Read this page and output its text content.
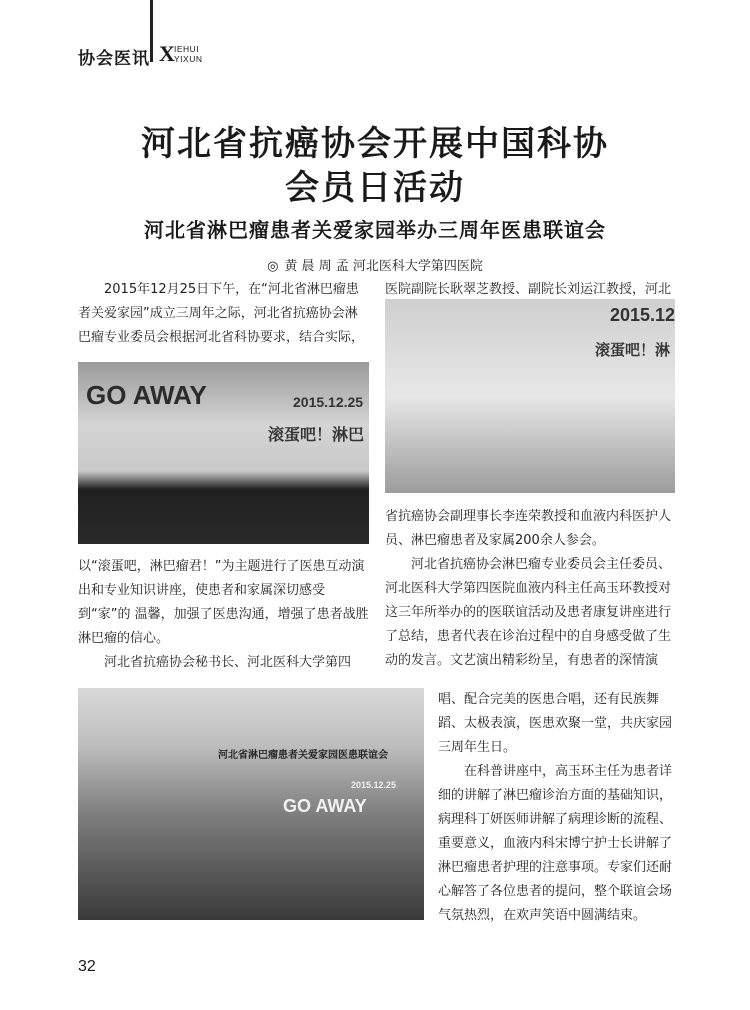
协会医讯 X IEHUI
YIXUN
河北省抗癌协会开展中国科协
会员日活动
河北省淋巴瘤患者关爱家园举办三周年医患联谊会
◎ 黄 晨 周 孟 河北医科大学第四医院

2015年12月25日下午，在“河北省淋巴瘤患者关爱家园”成立三周年之际，河北省抗癌协会淋巴瘤专业委员会根据河北省科协要求，结合实际，

GO AWAY	2015.12.25
滚蛋吧！淋巴

以“滚蛋吧，淋巴瘤君！”为主题进行了医患互动演出和专业知识讲座，使患者和家属深切感受到“家”的 温馨，加强了医患沟通，增强了患者战胜淋巴瘤的信心。

河北省抗癌协会秘书长、河北医科大学第四

医院副院长耿翠芝教授、副院长刘运江教授，河北

2015.12
滚蛋吧！淋

省抗癌协会副理事长李连荣教授和血液内科医护人员、淋巴瘤患者及家属200余人参会。

河北省抗癌协会淋巴瘤专业委员会主任委员、河北医科大学第四医院血液内科主任高玉环教授对这三年所举办的的医联谊活动及患者康复讲座进行了总结，患者代表在诊治过程中的自身感受做了生动的发言。文艺演出精彩纷呈，有患者的深情演

河北省淋巴瘤患者关爱家园医患联谊会
GO AWAY
2015.12.25

唱、配合完美的医患合唱，还有民族舞蹈、太极表演，医患欢聚一堂，共庆家园三周年生日。

在科普讲座中，高玉环主任为患者详细的讲解了淋巴瘤诊治方面的基础知识，病理科丁妍医师讲解了病理诊断的流程、重要意义，血液内科宋博宁护士长讲解了淋巴瘤患者护理的注意事项。专家们还耐心解答了各位患者的提问，整个联谊会场气氛热烈，在欢声笑语中圆满结束。

32
